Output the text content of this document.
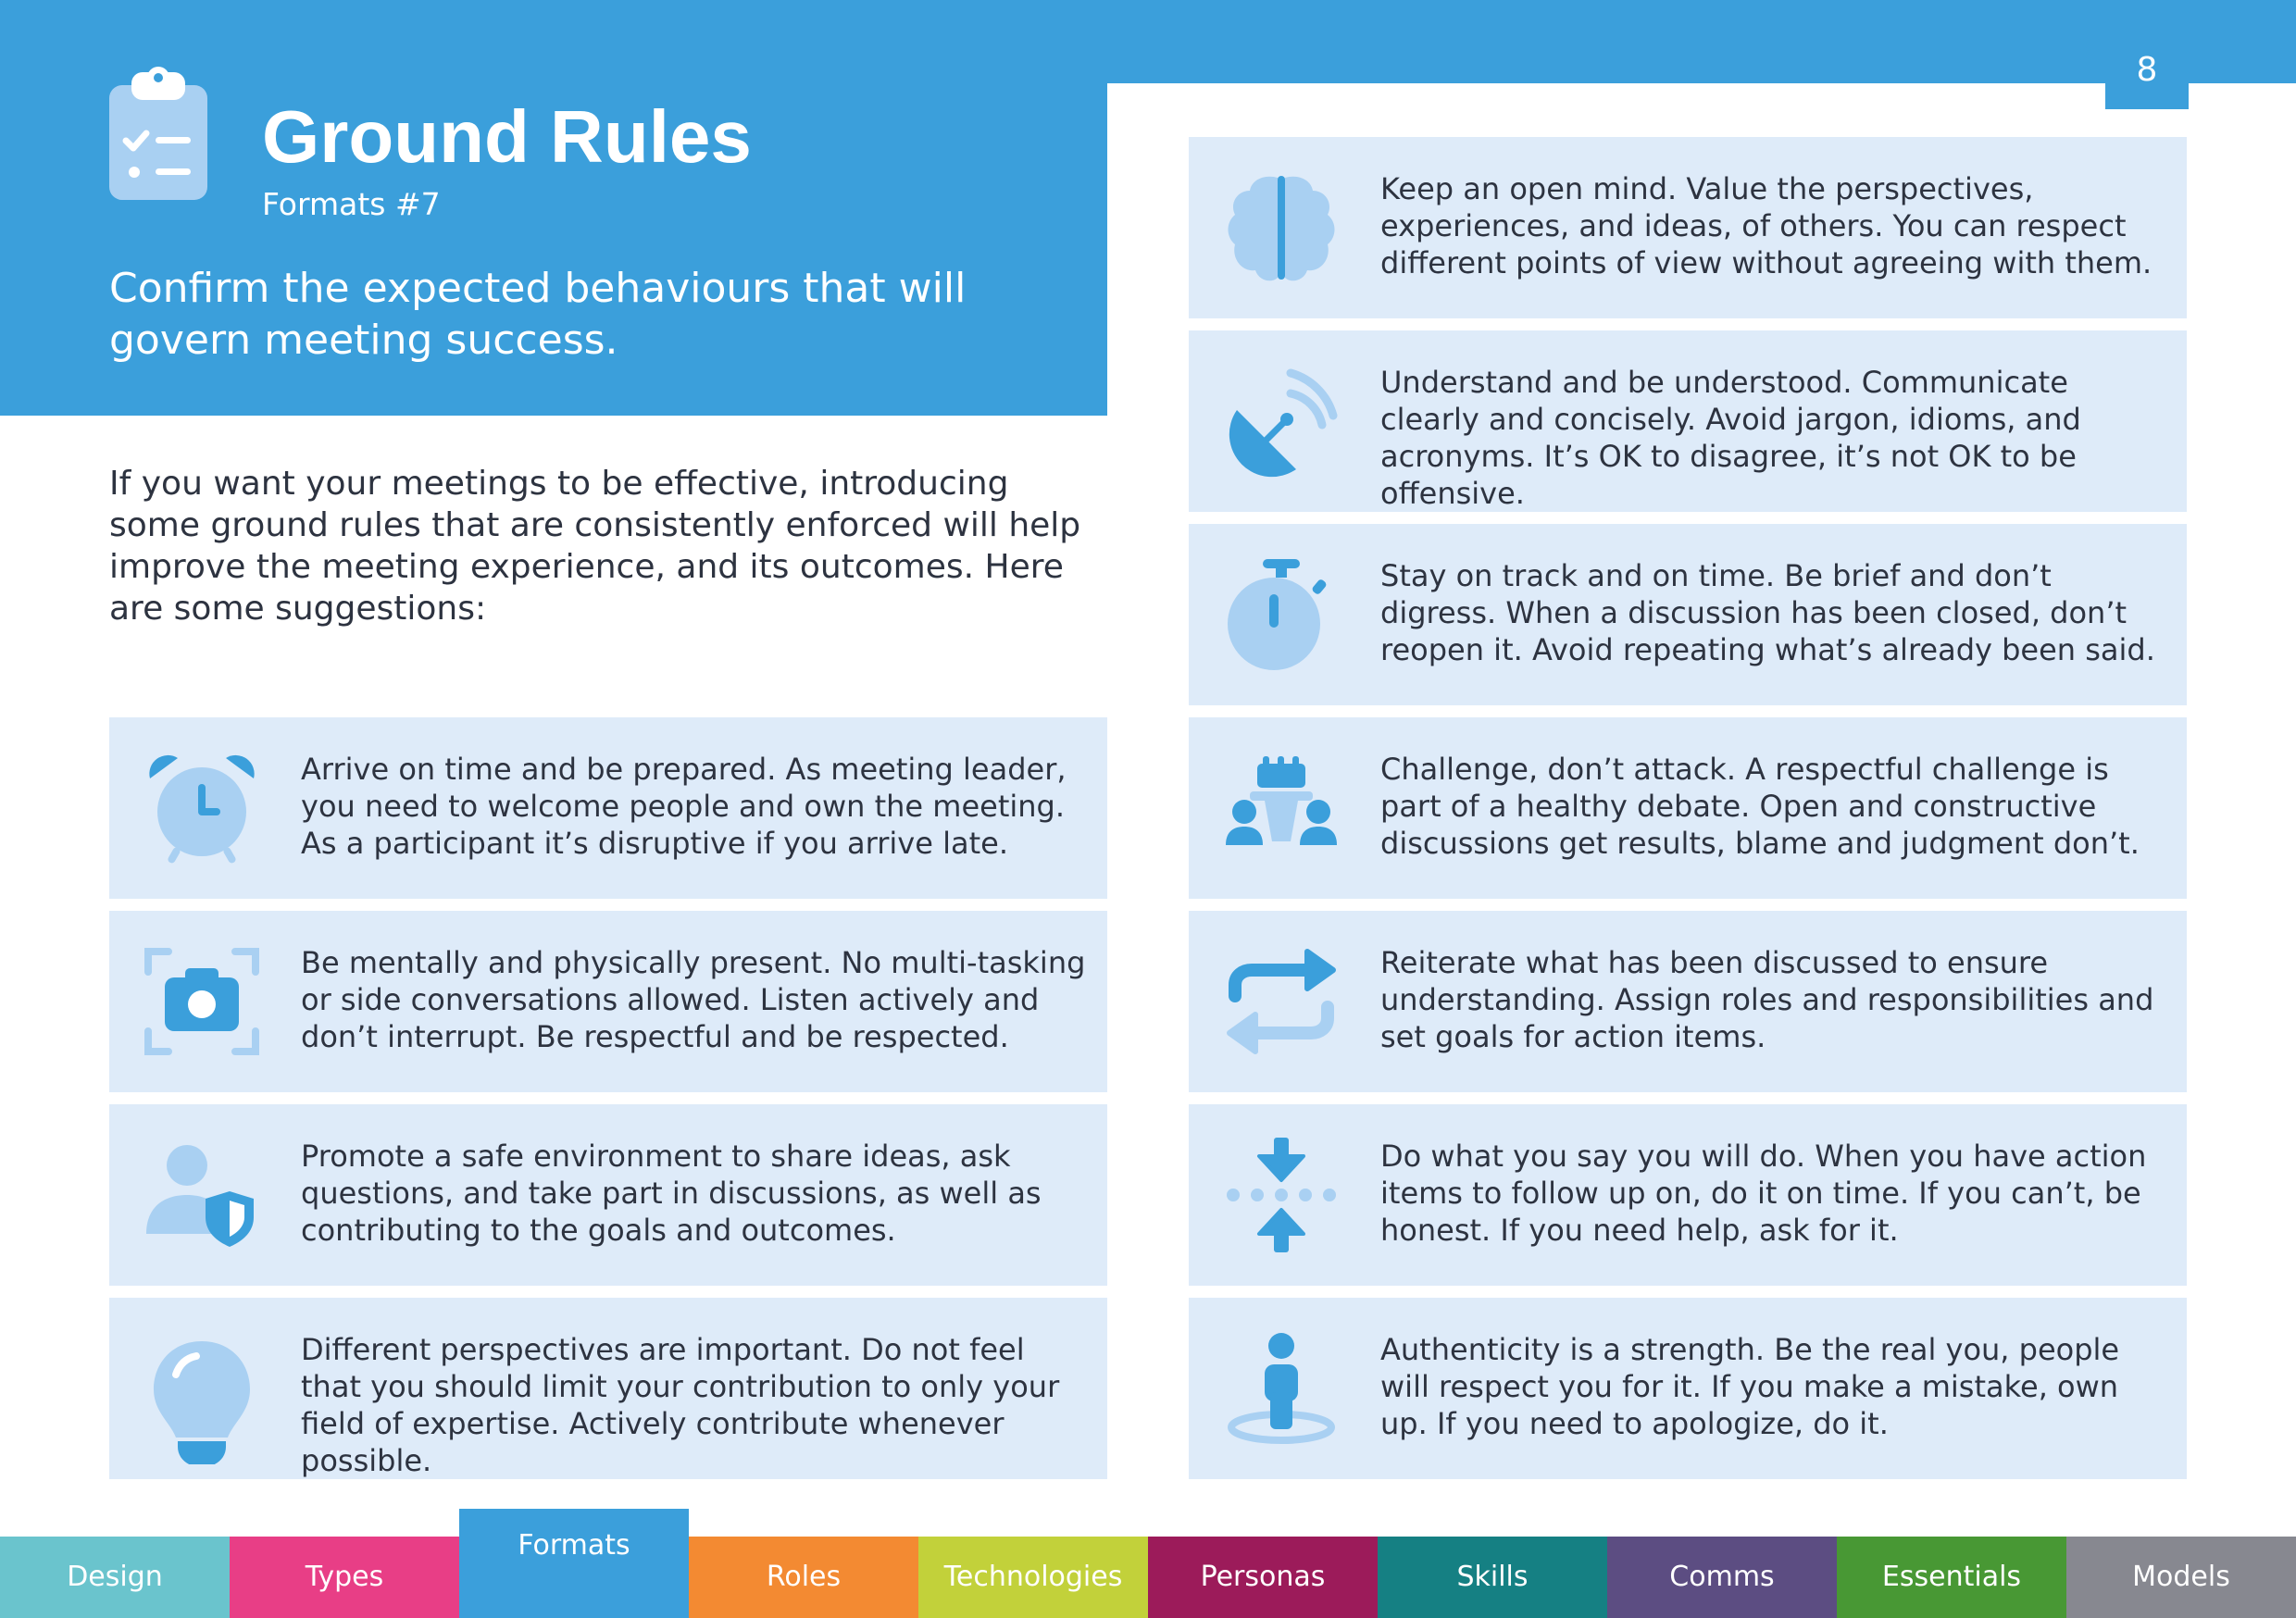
8
Ground Rules
Formats #7
Confirm the expected behaviours that will govern meeting success.
If you want your meetings to be effective, introducing some ground rules that are consistently enforced will help improve the meeting experience, and its outcomes. Here are some suggestions:
Arrive on time and be prepared. As meeting leader, you need to welcome people and own the meeting. As a participant it’s disruptive if you arrive late.
Be mentally and physically present. No multi-tasking or side conversations allowed. Listen actively and don’t interrupt. Be respectful and be respected.
Promote a safe environment to share ideas, ask questions, and take part in discussions, as well as contributing to the goals and outcomes.
Different perspectives are important. Do not feel that you should limit your contribution to only your field of expertise. Actively contribute whenever possible.
Keep an open mind. Value the perspectives, experiences, and ideas, of others. You can respect different points of view without agreeing with them.
Understand and be understood. Communicate clearly and concisely. Avoid jargon, idioms, and acronyms. It’s OK to disagree, it’s not OK to be offensive.
Stay on track and on time. Be brief and don’t digress. When a discussion has been closed, don’t reopen it. Avoid repeating what’s already been said.
Challenge, don’t attack. A respectful challenge is part of a healthy debate. Open and constructive discussions get results, blame and judgment don’t.
Reiterate what has been discussed to ensure understanding. Assign roles and responsibilities and set goals for action items.
Do what you say you will do. When you have action items to follow up on, do it on time. If you can’t, be honest. If you need help, ask for it.
Authenticity is a strength. Be the real you, people will respect you for it. If you make a mistake, own up. If you need to apologize, do it.
Design	Types
Formats
Roles	Technologies	Personas	Skills	Comms	Essentials	Models
